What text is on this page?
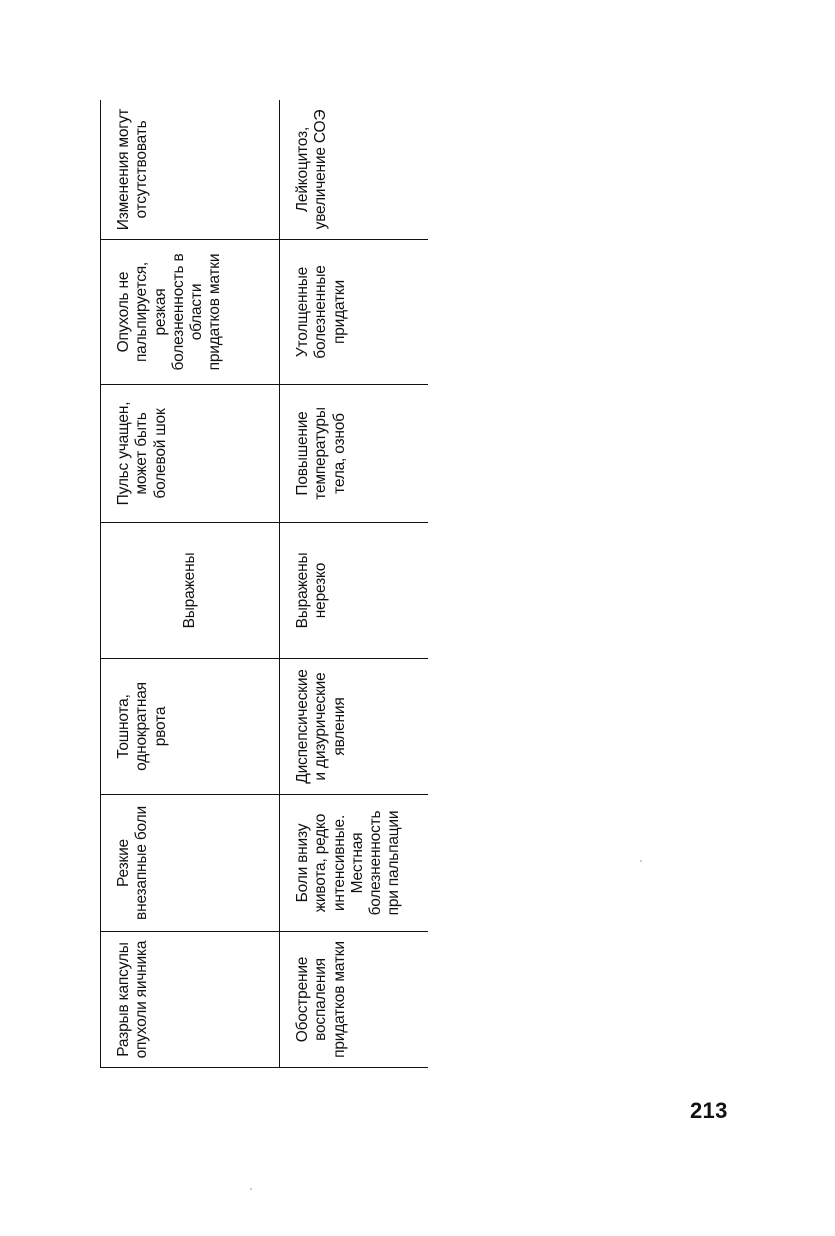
Разрыв капсулы опухоли яичника	Резкие внезапные боли	Тошнота, однократная рвота	Выражены	Пульс учащен, может быть болевой шок	Опухоль не пальпируется, резкая болезненность в области придатков матки	Изменения могут отсутствовать
Обострение воспаления придатков матки	Боли внизу живота, редко интенсивные. Местная болезненность при пальпации	Диспепсические и дизурические явления	Выражены нерезко	Повышение температуры тела, озноб	Утолщенные болезненные придатки	Лейкоцитоз, увеличение СОЭ
213
